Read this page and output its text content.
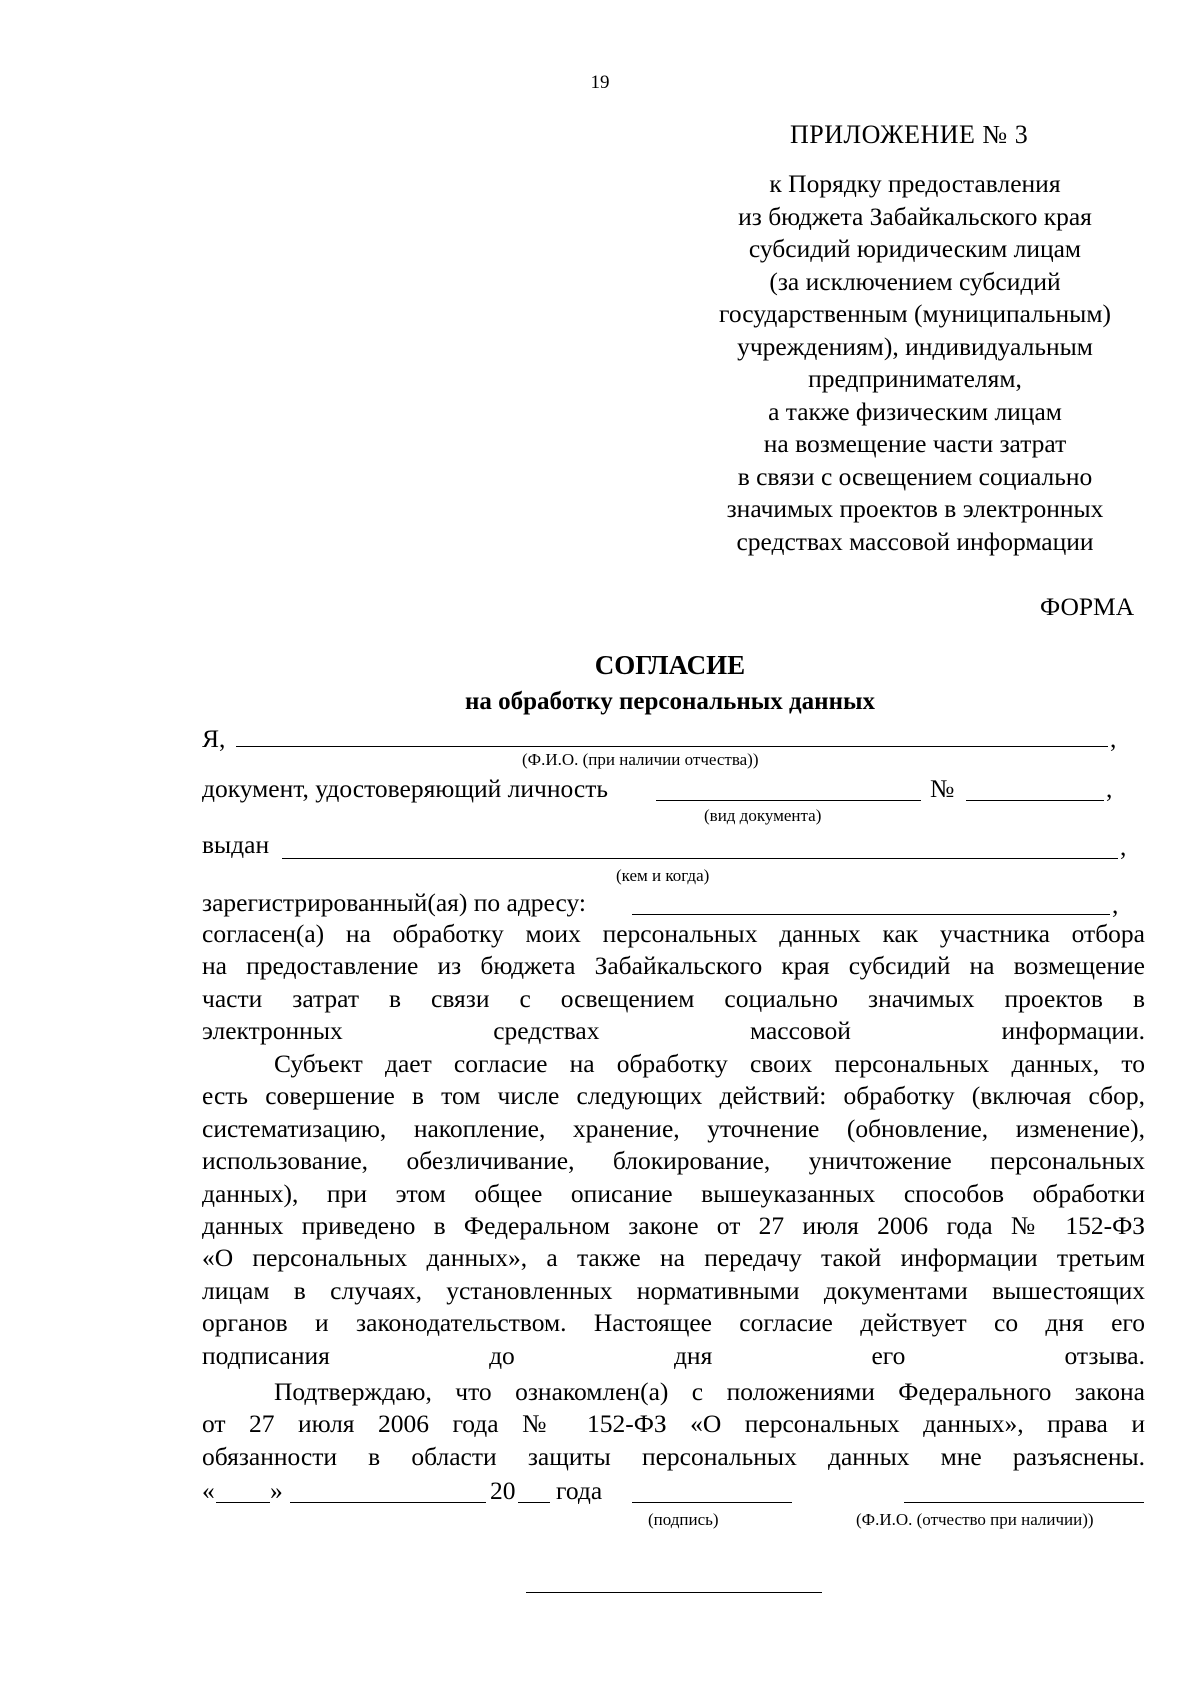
19
ПРИЛОЖЕНИЕ № 3
к Порядку предоставления
из бюджета Забайкальского края
субсидий юридическим лицам
(за исключением субсидий
государственным (муниципальным)
учреждениям), индивидуальным
предпринимателям,
а также физическим лицам
на возмещение части затрат
в связи с освещением социально
значимых проектов в электронных
средствах массовой информации
ФОРМА
СОГЛАСИЕ
на обработку персональных данных
Я,	,
(Ф.И.О. (при наличии отчества))
документ, удостоверяющий личность	№	,
(вид документа)
выдан	,
(кем и когда)
зарегистрированный(ая) по адресу:	,
согласен(а) на обработку моих персональных данных как участника отбора
на предоставление из бюджета Забайкальского края субсидий на возмещение
части затрат в связи с освещением социально значимых проектов в
электронных средствах массовой информации.
Субъект дает согласие на обработку своих персональных данных, то
есть совершение в том числе следующих действий: обработку (включая сбор,
систематизацию, накопление, хранение, уточнение (обновление, изменение),
использование, обезличивание, блокирование, уничтожение персональных
данных), при этом общее описание вышеуказанных способов обработки
данных приведено в Федеральном законе от 27 июля 2006 года № 152-ФЗ
«О персональных данных», а также на передачу такой информации третьим
лицам в случаях, установленных нормативными документами вышестоящих
органов и законодательством. Настоящее согласие действует со дня его
подписания до дня его отзыва.
Подтверждаю, что ознакомлен(а) с положениями Федерального закона
от 27 июля 2006 года № 152-ФЗ «О персональных данных», права и
обязанности в области защиты персональных данных мне разъяснены.
« »	20 года
(подпись)	(Ф.И.О. (отчество при наличии))
